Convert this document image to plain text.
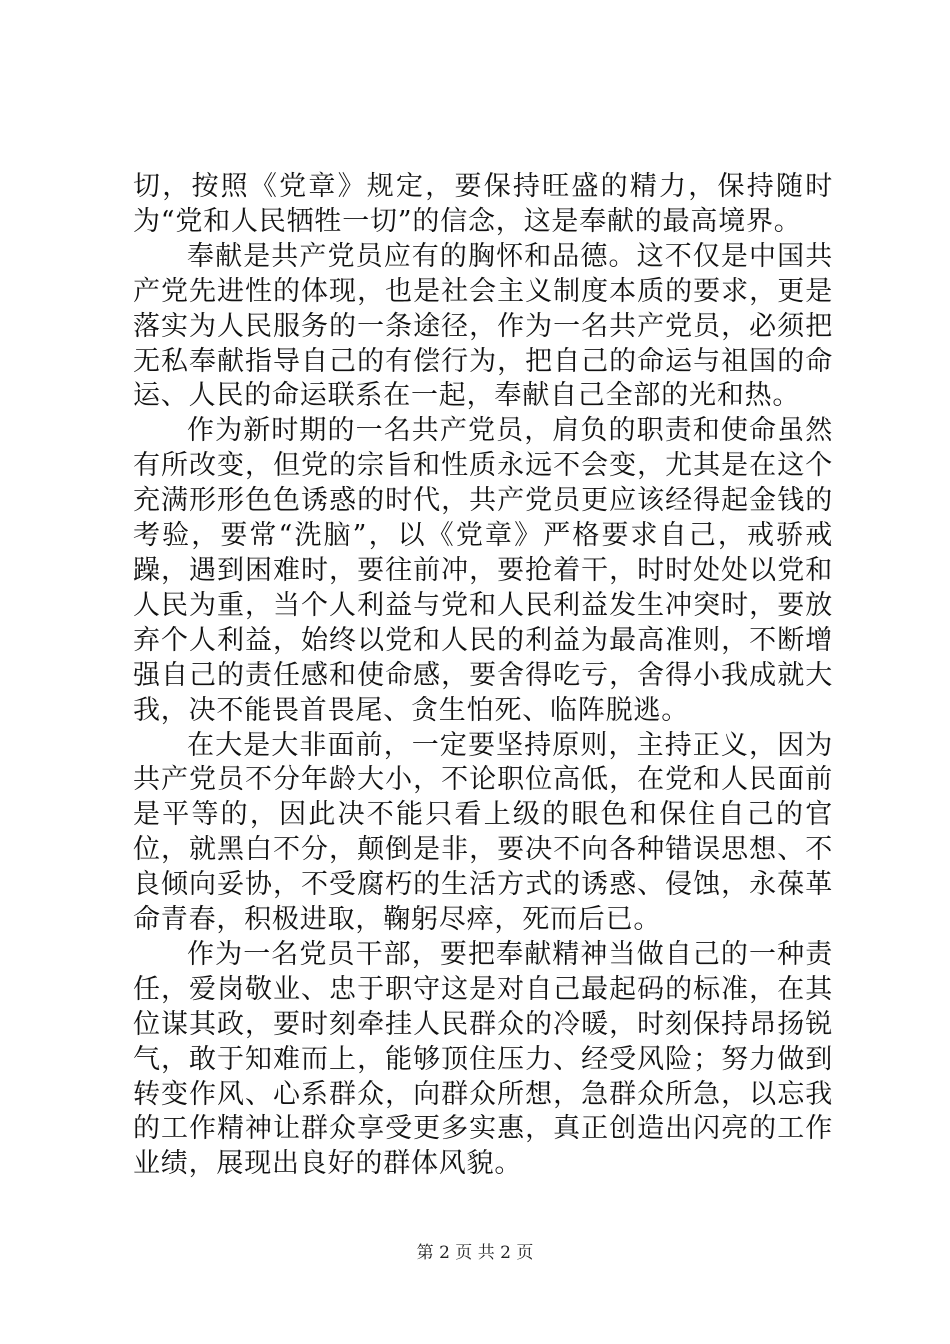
切，按照《党章》规定，要保持旺盛的精力，保持随时为“党和人民牺牲一切”的信念，这是奉献的最高境界。

奉献是共产党员应有的胸怀和品德。这不仅是中国共产党先进性的体现，也是社会主义制度本质的要求，更是落实为人民服务的一条途径，作为一名共产党员，必须把无私奉献指导自己的有偿行为，把自己的命运与祖国的命运、人民的命运联系在一起，奉献自己全部的光和热。

作为新时期的一名共产党员，肩负的职责和使命虽然有所改变，但党的宗旨和性质永远不会变，尤其是在这个充满形形色色诱惑的时代，共产党员更应该经得起金钱的考验，要常“洗脑”，以《党章》严格要求自己，戒骄戒躁，遇到困难时，要往前冲，要抢着干，时时处处以党和人民为重，当个人利益与党和人民利益发生冲突时，要放弃个人利益，始终以党和人民的利益为最高准则，不断增强自己的责任感和使命感，要舍得吃亏，舍得小我成就大我，决不能畏首畏尾、贪生怕死、临阵脱逃。

在大是大非面前，一定要坚持原则，主持正义，因为共产党员不分年龄大小，不论职位高低，在党和人民面前是平等的，因此决不能只看上级的眼色和保住自己的官位，就黑白不分，颠倒是非，要决不向各种错误思想、不良倾向妥协，不受腐朽的生活方式的诱惑、侵蚀，永葆革命青春，积极进取，鞠躬尽瘁，死而后已。

作为一名党员干部，要把奉献精神当做自己的一种责任，爱岗敬业、忠于职守这是对自己最起码的标准，在其位谋其政，要时刻牵挂人民群众的冷暖，时刻保持昂扬锐气，敢于知难而上，能够顶住压力、经受风险；努力做到转变作风、心系群众，向群众所想，急群众所急，以忘我的工作精神让群众享受更多实惠，真正创造出闪亮的工作业绩，展现出良好的群体风貌。

第 2 页 共 2 页
